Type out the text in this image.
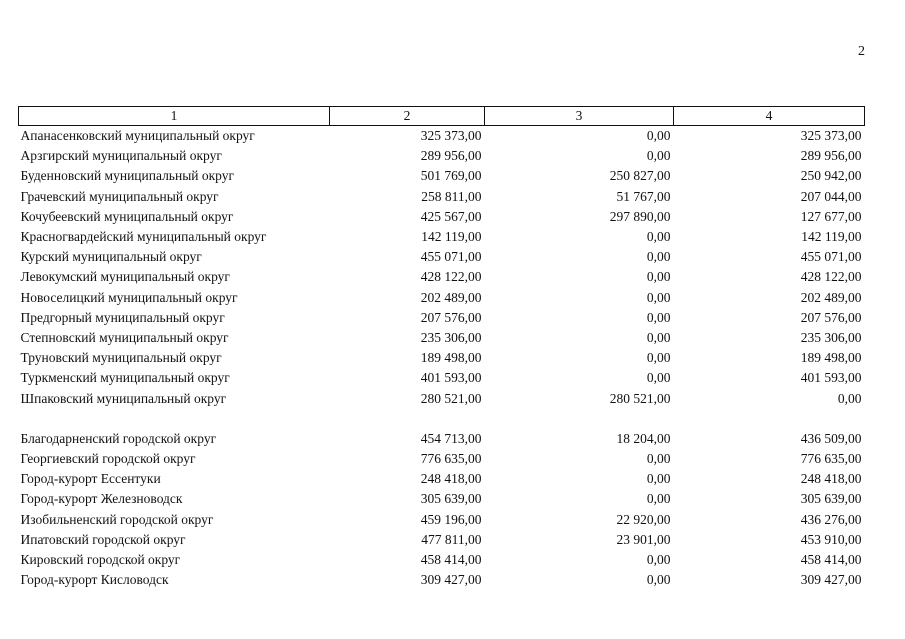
2
1	2	3	4
Апанасенковский муниципальный округ	325 373,00	0,00	325 373,00
Арзгирский муниципальный округ	289 956,00	0,00	289 956,00
Буденновский муниципальный округ	501 769,00	250 827,00	250 942,00
Грачевский муниципальный округ	258 811,00	51 767,00	207 044,00
Кочубеевский муниципальный округ	425 567,00	297 890,00	127 677,00
Красногвардейский муниципальный округ	142 119,00	0,00	142 119,00
Курский муниципальный округ	455 071,00	0,00	455 071,00
Левокумский муниципальный округ	428 122,00	0,00	428 122,00
Новоселицкий муниципальный округ	202 489,00	0,00	202 489,00
Предгорный муниципальный округ	207 576,00	0,00	207 576,00
Степновский муниципальный округ	235 306,00	0,00	235 306,00
Труновский муниципальный округ	189 498,00	0,00	189 498,00
Туркменский муниципальный округ	401 593,00	0,00	401 593,00
Шпаковский муниципальный округ	280 521,00	280 521,00	0,00

Благодарненский городской округ	454 713,00	18 204,00	436 509,00
Георгиевский городской округ	776 635,00	0,00	776 635,00
Город-курорт Ессентуки	248 418,00	0,00	248 418,00
Город-курорт Железноводск	305 639,00	0,00	305 639,00
Изобильненский городской округ	459 196,00	22 920,00	436 276,00
Ипатовский городской округ	477 811,00	23 901,00	453 910,00
Кировский городской округ	458 414,00	0,00	458 414,00
Город-курорт Кисловодск	309 427,00	0,00	309 427,00
